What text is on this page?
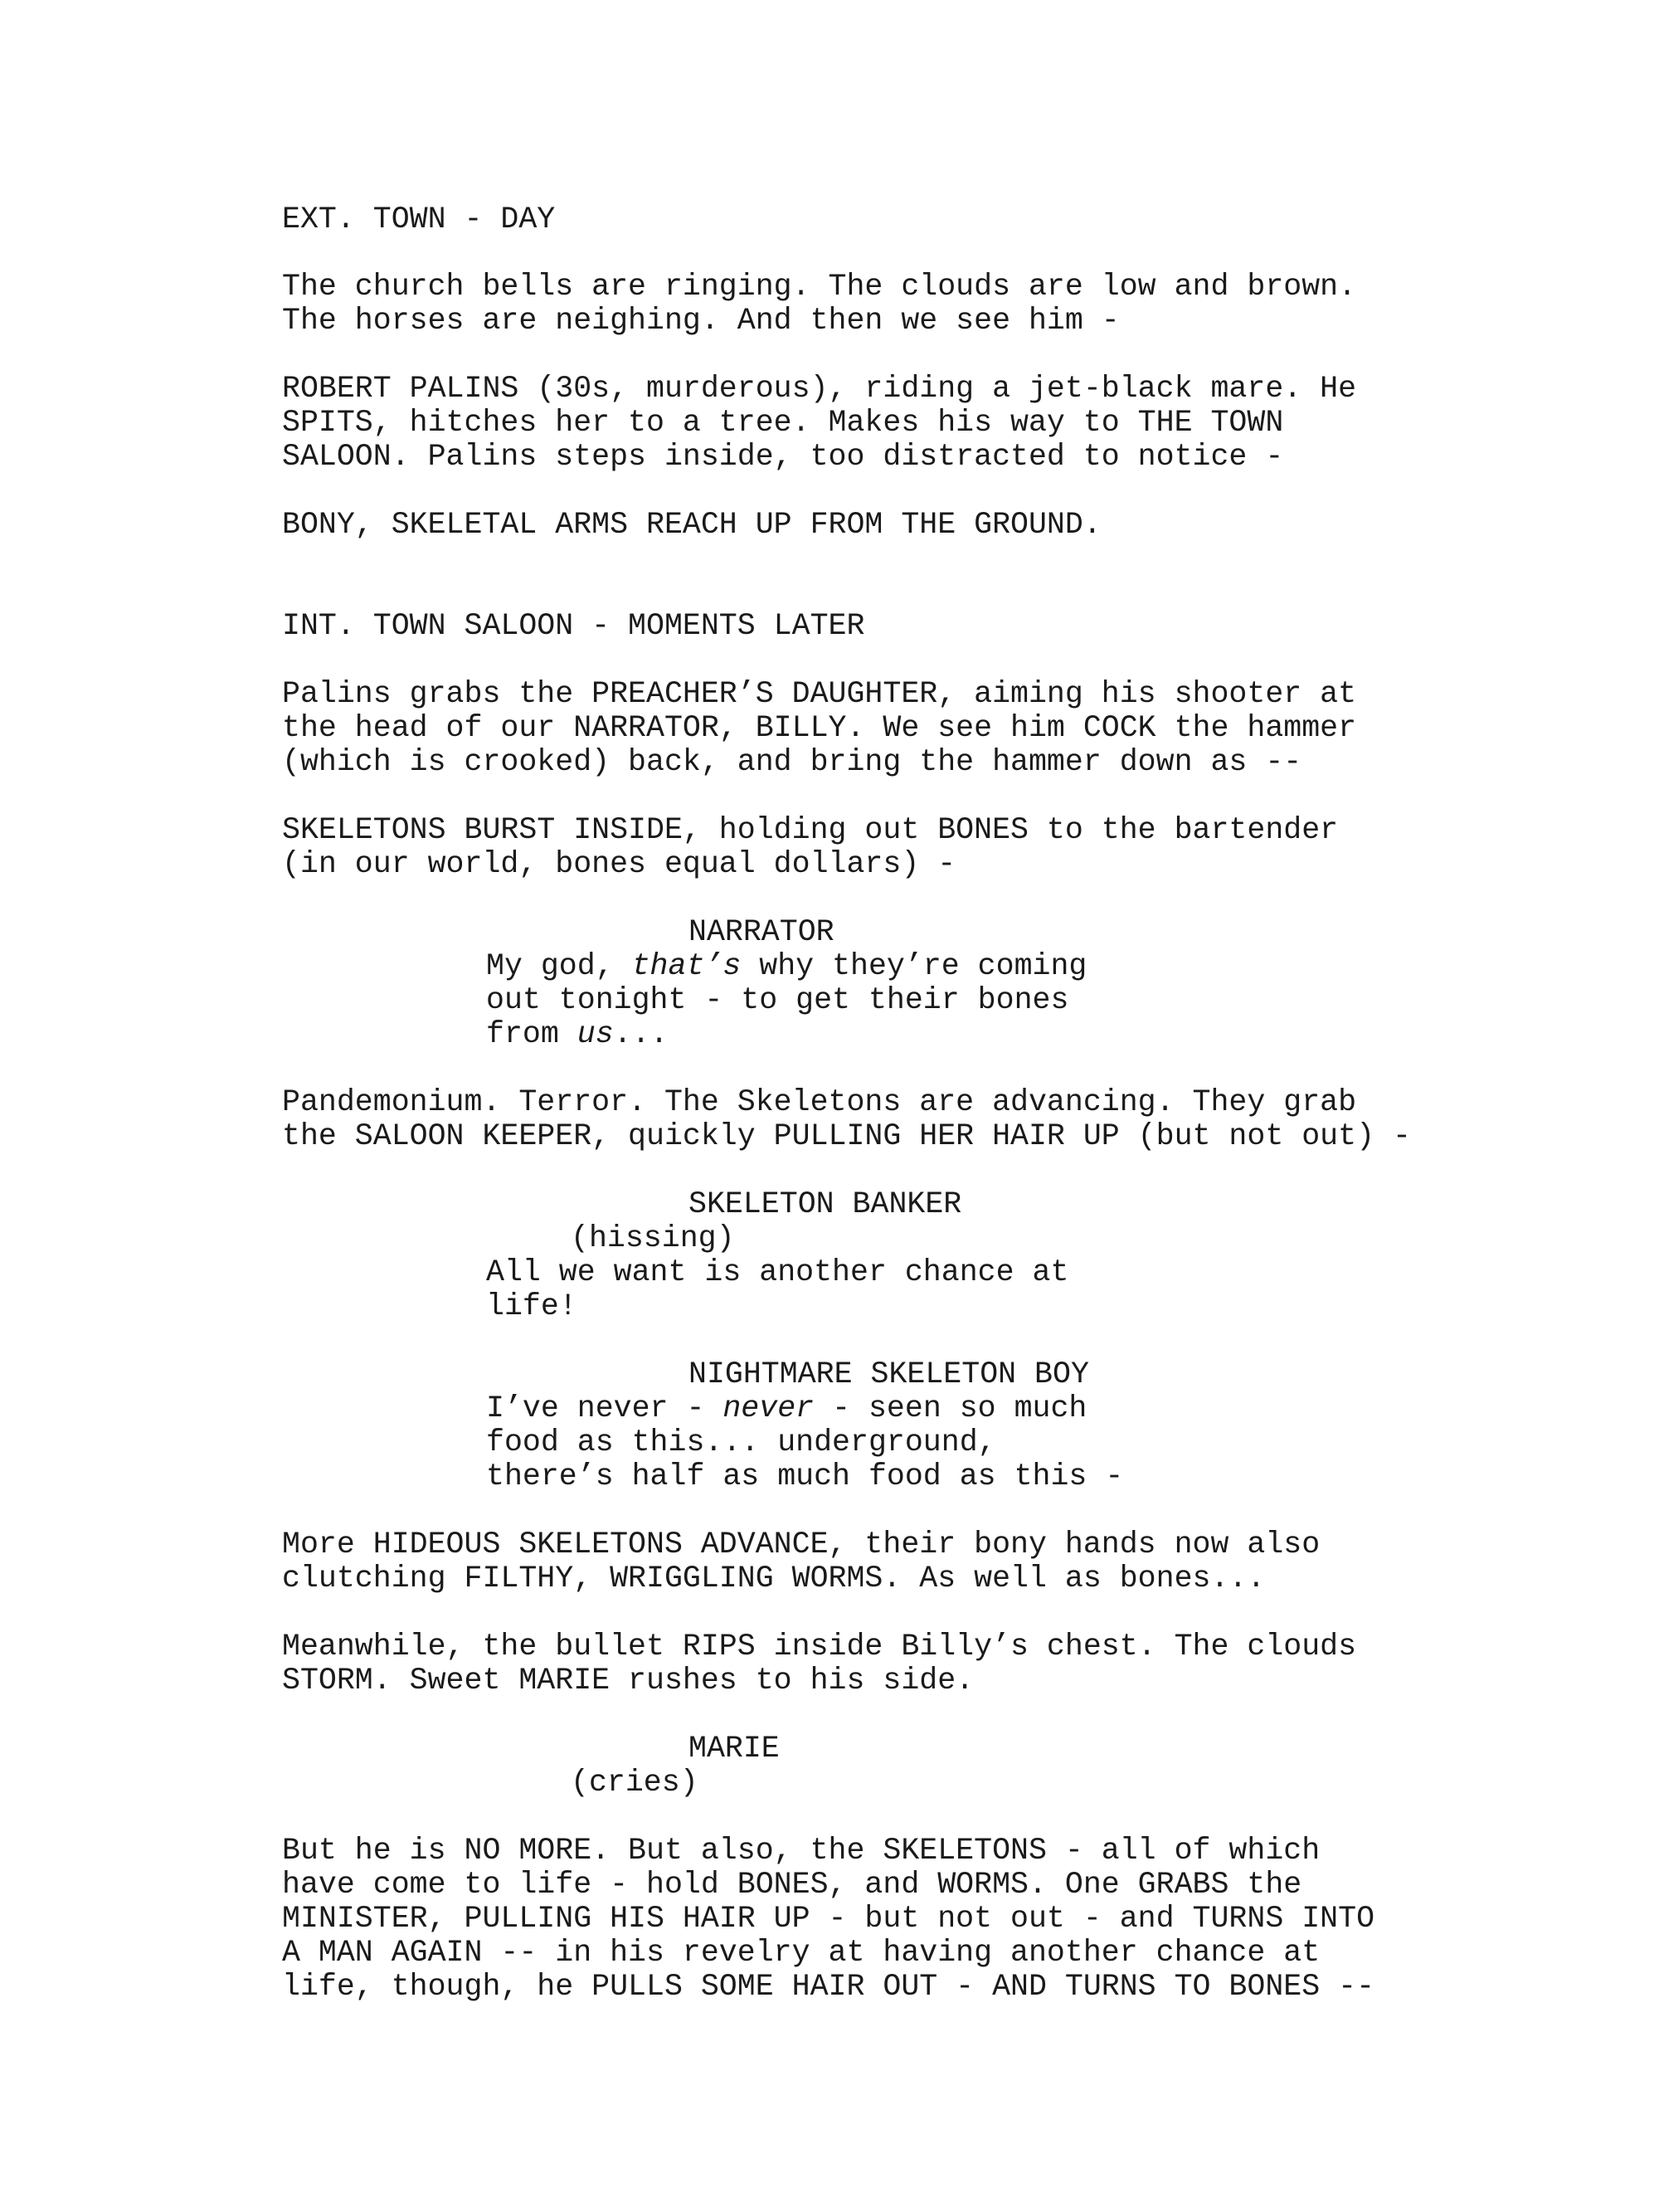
EXT. TOWN - DAY

The church bells are ringing. The clouds are low and brown.

The horses are neighing. And then we see him -

ROBERT PALINS (30s, murderous), riding a jet-black mare. He

SPITS, hitches her to a tree. Makes his way to THE TOWN

SALOON. Palins steps inside, too distracted to notice -

BONY, SKELETAL ARMS REACH UP FROM THE GROUND.

INT. TOWN SALOON - MOMENTS LATER

Palins grabs the PREACHER’S DAUGHTER, aiming his shooter at

the head of our NARRATOR, BILLY. We see him COCK the hammer

(which is crooked) back, and bring the hammer down as --

SKELETONS BURST INSIDE, holding out BONES to the bartender

(in our world, bones equal dollars) -

NARRATOR

My god, that’s why they’re coming

out tonight - to get their bones

from us...

Pandemonium. Terror. The Skeletons are advancing. They grab

the SALOON KEEPER, quickly PULLING HER HAIR UP (but not out) -

SKELETON BANKER

(hissing)

All we want is another chance at

life!

NIGHTMARE SKELETON BOY

I’ve never - never - seen so much

food as this... underground,

there’s half as much food as this -

More HIDEOUS SKELETONS ADVANCE, their bony hands now also

clutching FILTHY, WRIGGLING WORMS. As well as bones...

Meanwhile, the bullet RIPS inside Billy’s chest. The clouds

STORM. Sweet MARIE rushes to his side.

MARIE

(cries)

But he is NO MORE. But also, the SKELETONS - all of which

have come to life - hold BONES, and WORMS. One GRABS the

MINISTER, PULLING HIS HAIR UP - but not out - and TURNS INTO

A MAN AGAIN -- in his revelry at having another chance at

life, though, he PULLS SOME HAIR OUT - AND TURNS TO BONES --
